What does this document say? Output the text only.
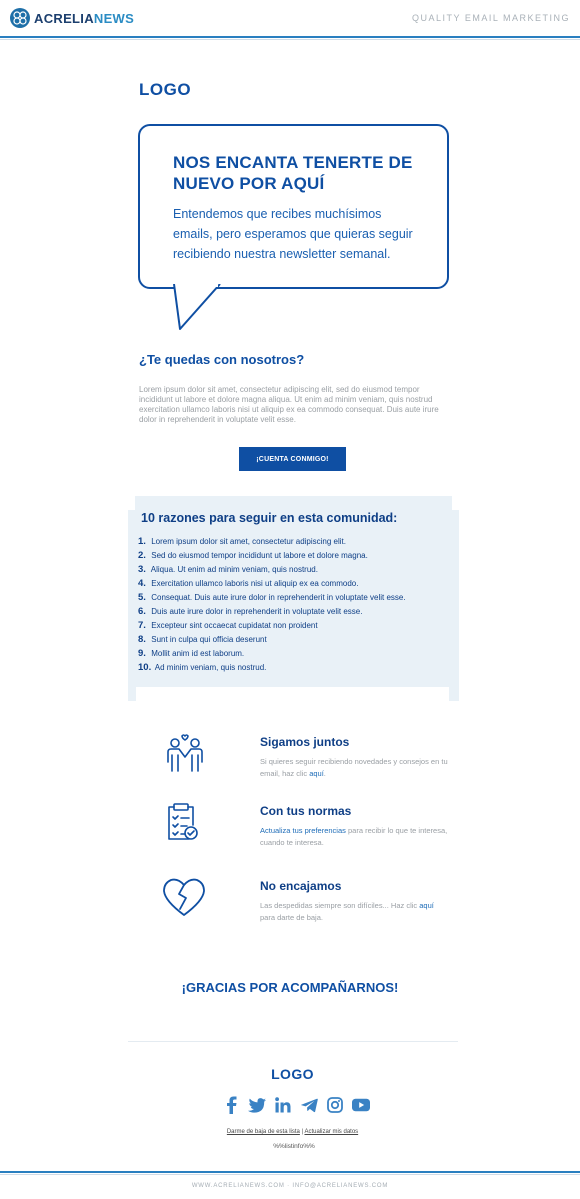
ACRELIANEWS	QUALITY EMAIL MARKETING
LOGO
NOS ENCANTA TENERTE DE NUEVO POR AQUÍ
Entendemos que recibes muchísimos emails, pero esperamos que quieras seguir recibiendo nuestra newsletter semanal.
¿Te quedas con nosotros?
Lorem ipsum dolor sit amet, consectetur adipiscing elit, sed do eiusmod tempor incididunt ut labore et dolore magna aliqua. Ut enim ad minim veniam, quis nostrud exercitation ullamco laboris nisi ut aliquip ex ea commodo consequat. Duis aute irure dolor in reprehenderit in voluptate velit esse.
¡CUENTA CONMIGO!
10 razones para seguir en esta comunidad:
1. Lorem ipsum dolor sit amet, consectetur adipiscing elit.
2. Sed do eiusmod tempor incididunt ut labore et dolore magna.
3. Aliqua. Ut enim ad minim veniam, quis nostrud.
4. Exercitation ullamco laboris nisi ut aliquip ex ea commodo.
5. Consequat. Duis aute irure dolor in reprehenderit in voluptate velit esse.
6. Duis aute irure dolor in reprehenderit in voluptate velit esse.
7. Excepteur sint occaecat cupidatat non proident
8. Sunt in culpa qui officia deserunt
9. Mollit anim id est laborum.
10. Ad minim veniam, quis nostrud.
Sigamos juntos
Si quieres seguir recibiendo novedades y consejos en tu email, haz clic aquí.
Con tus normas
Actualiza tus preferencias para recibir lo que te interesa, cuando te interesa.
No encajamos
Las despedidas siempre son difíciles... Haz clic aquí para darte de baja.
¡GRACIAS POR ACOMPAÑARNOS!
LOGO
Darme de baja de esta lista | Actualizar mis datos
%%listinfo%%
WWW.ACRELIANEWS.COM · INFO@ACRELIANEWS.COM
